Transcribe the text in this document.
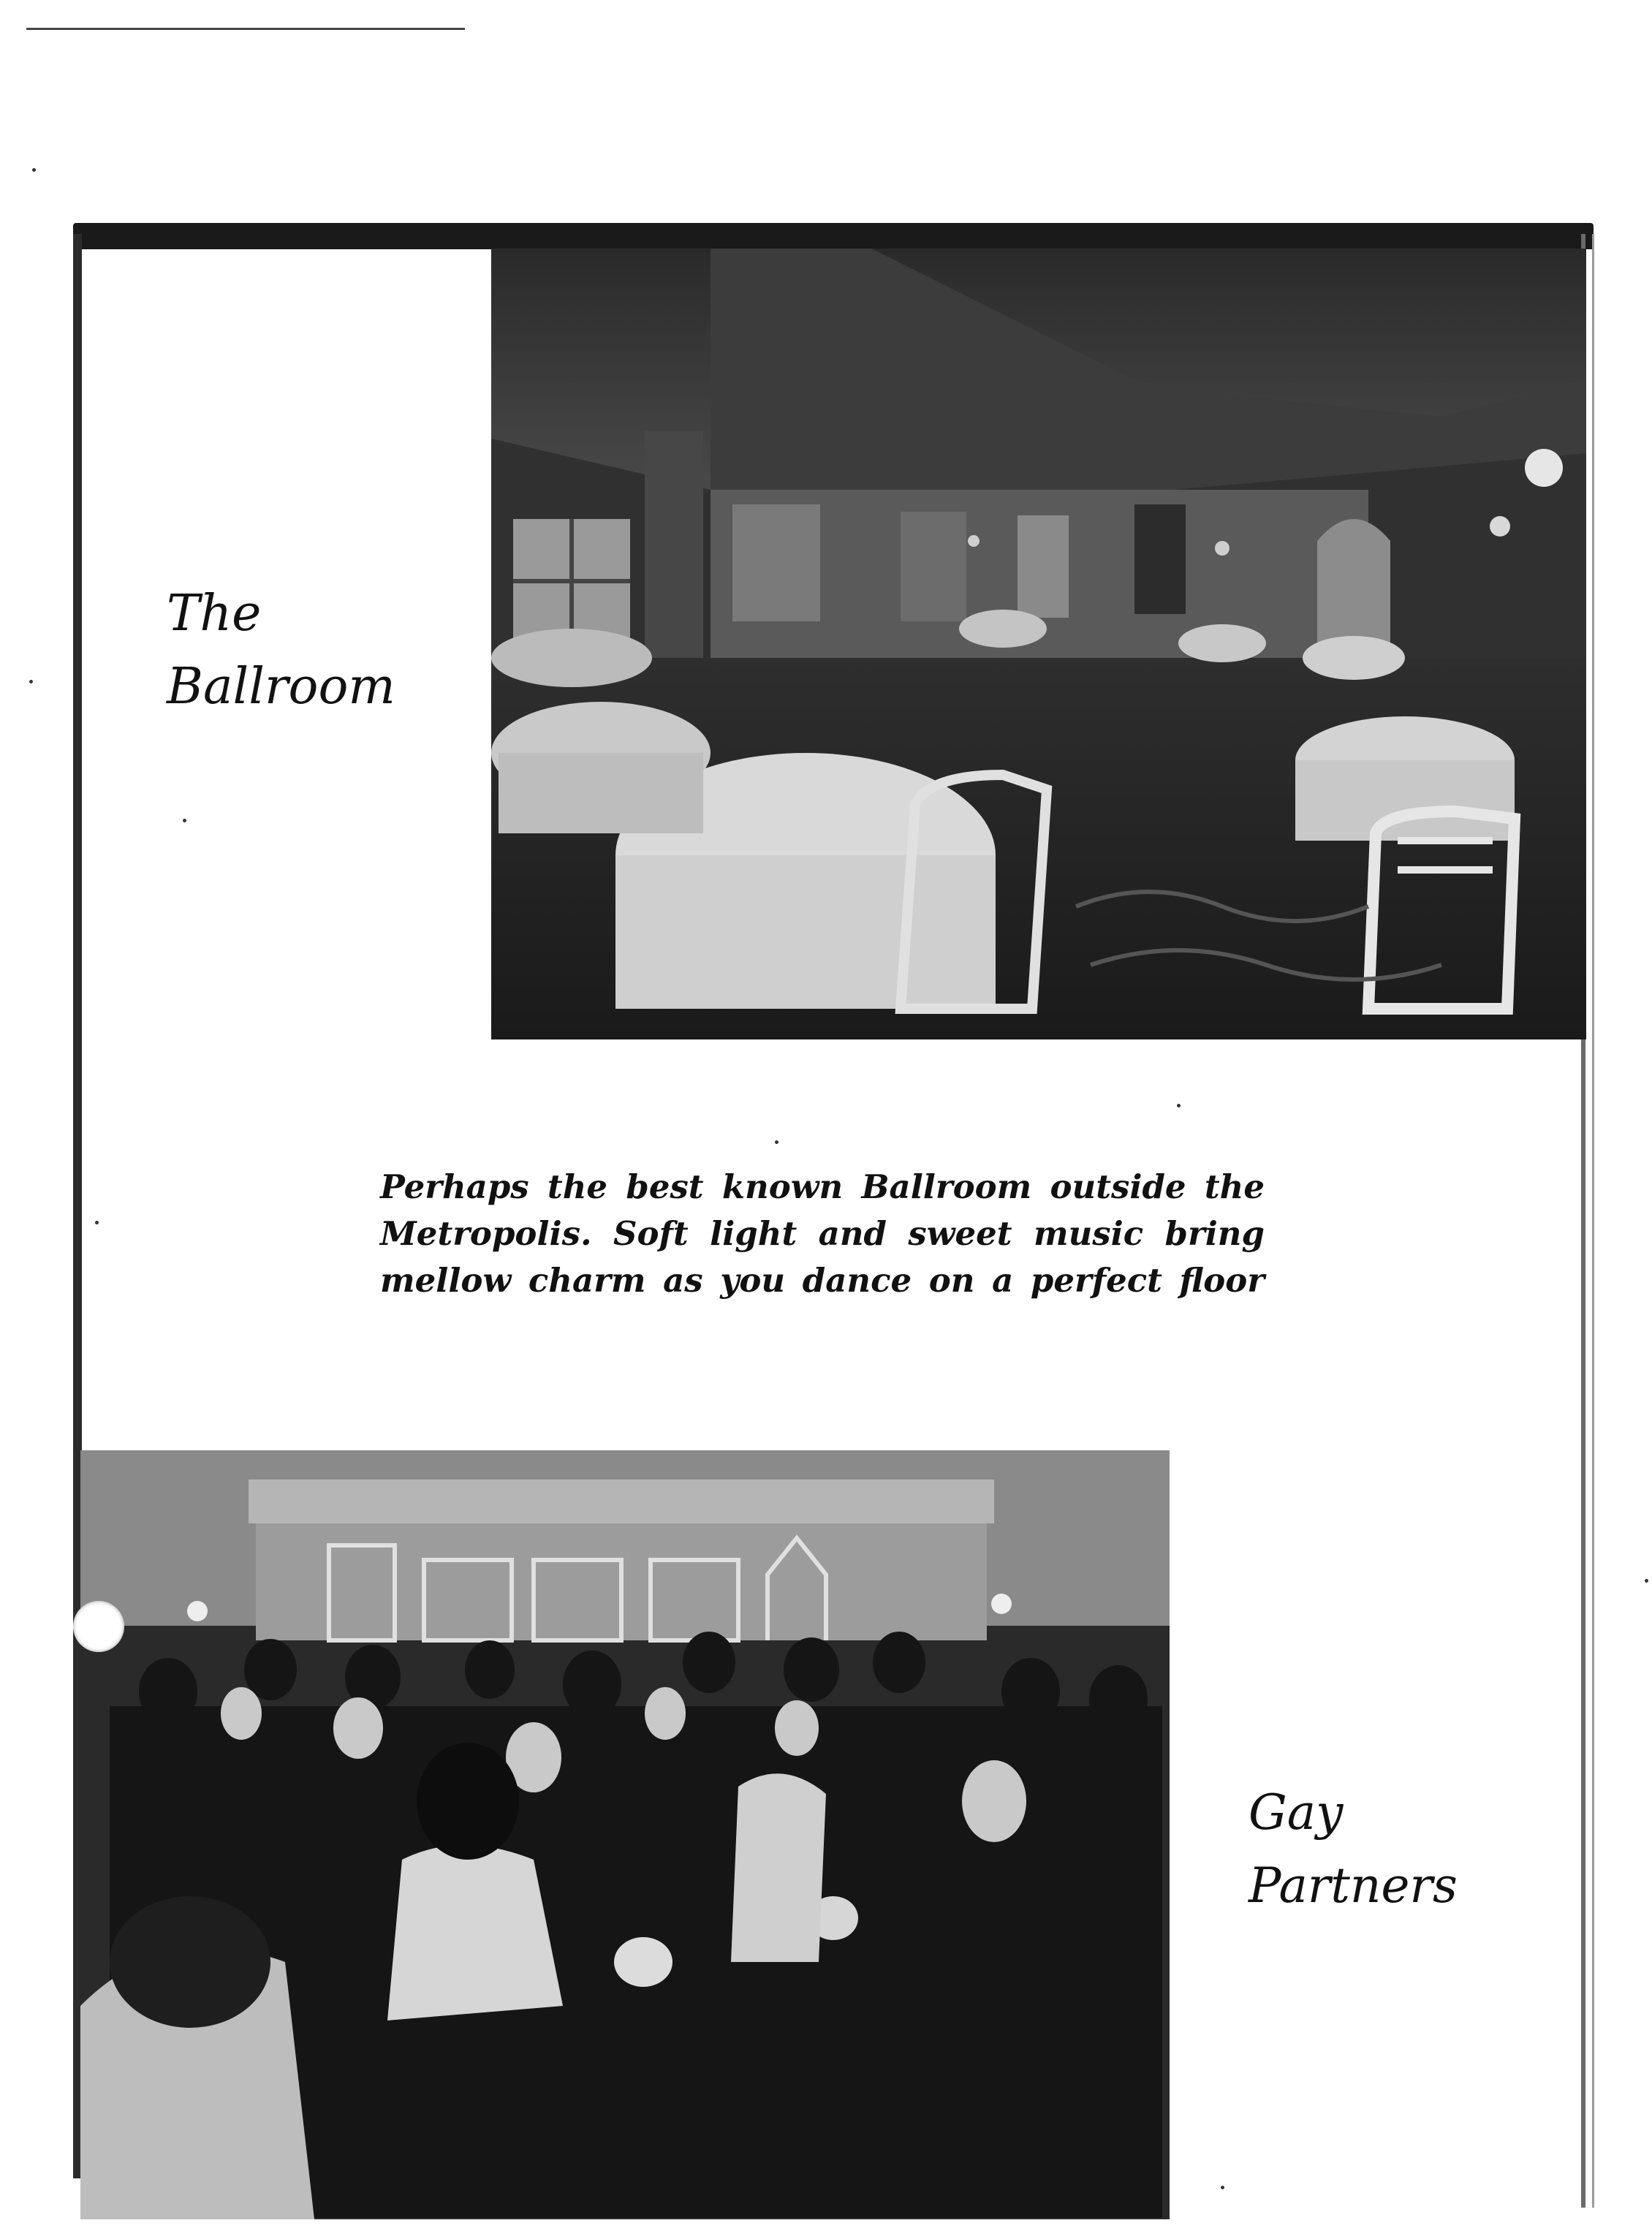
The
Ballroom
Perhaps the best known Ballroom outside the
Metropolis. Soft light and sweet music bring
mellow charm as you dance on a perfect floor
Gay
Partners
